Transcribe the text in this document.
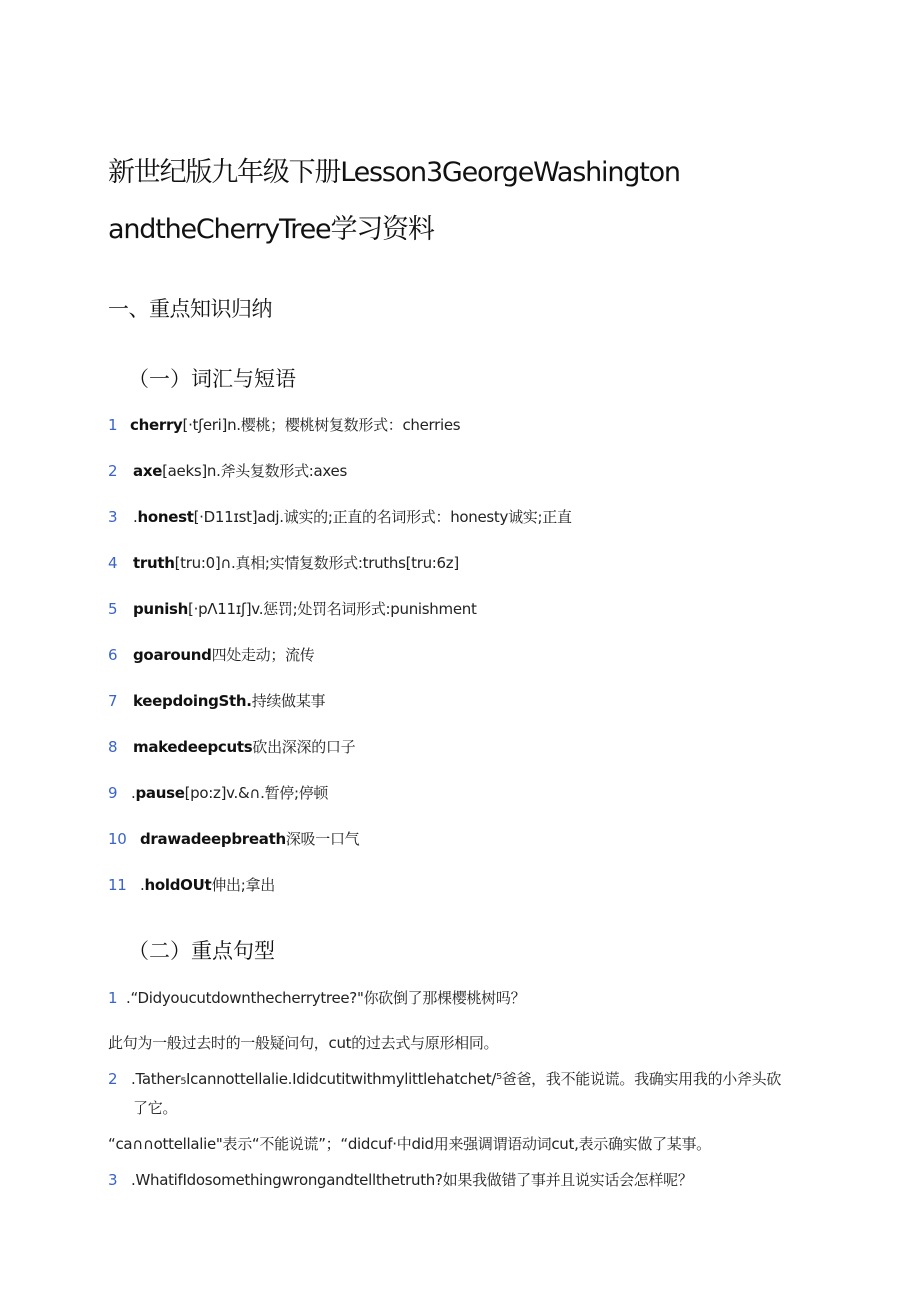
新世纪版九年级下册Lesson3GeorgeWashington
andtheCherryTree学习资料
一、重点知识归纳
（一）词汇与短语
1 cherry[·tʃeri]n.樱桃；樱桃树复数形式：cherries
2 axe[aeks]n.斧头复数形式:axes
3 .honest[·D11ɪst]adj.诚实的;正直的名词形式：honesty诚实;正直
4 truth[tru:0]∩.真相;实情复数形式:truths[tru:6z]
5 punish[·pΛ11ɪʃ]v.惩罚;处罚名词形式:punishment
6 goaround四处走动；流传
7 keepdoingSth.持续做某事
8 makedeepcuts砍出深深的口子
9 .pause[po:z]v.&∩.暂停;停顿
10 drawadeepbreath深吸一口气
11 .holdOUt伸出;拿出
（二）重点句型
1 .“Didyoucutdownthecherrytree?"你砍倒了那棵樱桃树吗？
此句为一般过去时的一般疑问句，cut的过去式与原形相同。
2 .Tather₅Icannottellalie.Ididcutitwithmylittlehatchet/⁵爸爸，我不能说谎。我确实用我的小斧头砍
了它。
“ca∩∩ottellalie"表示“不能说谎”；“didcuf·中did用来强调谓语动词cut,表示确实做了某事。
3 .WhatifIdosomethingwrongandtellthetruth?如果我做错了事并且说实话会怎样呢？
